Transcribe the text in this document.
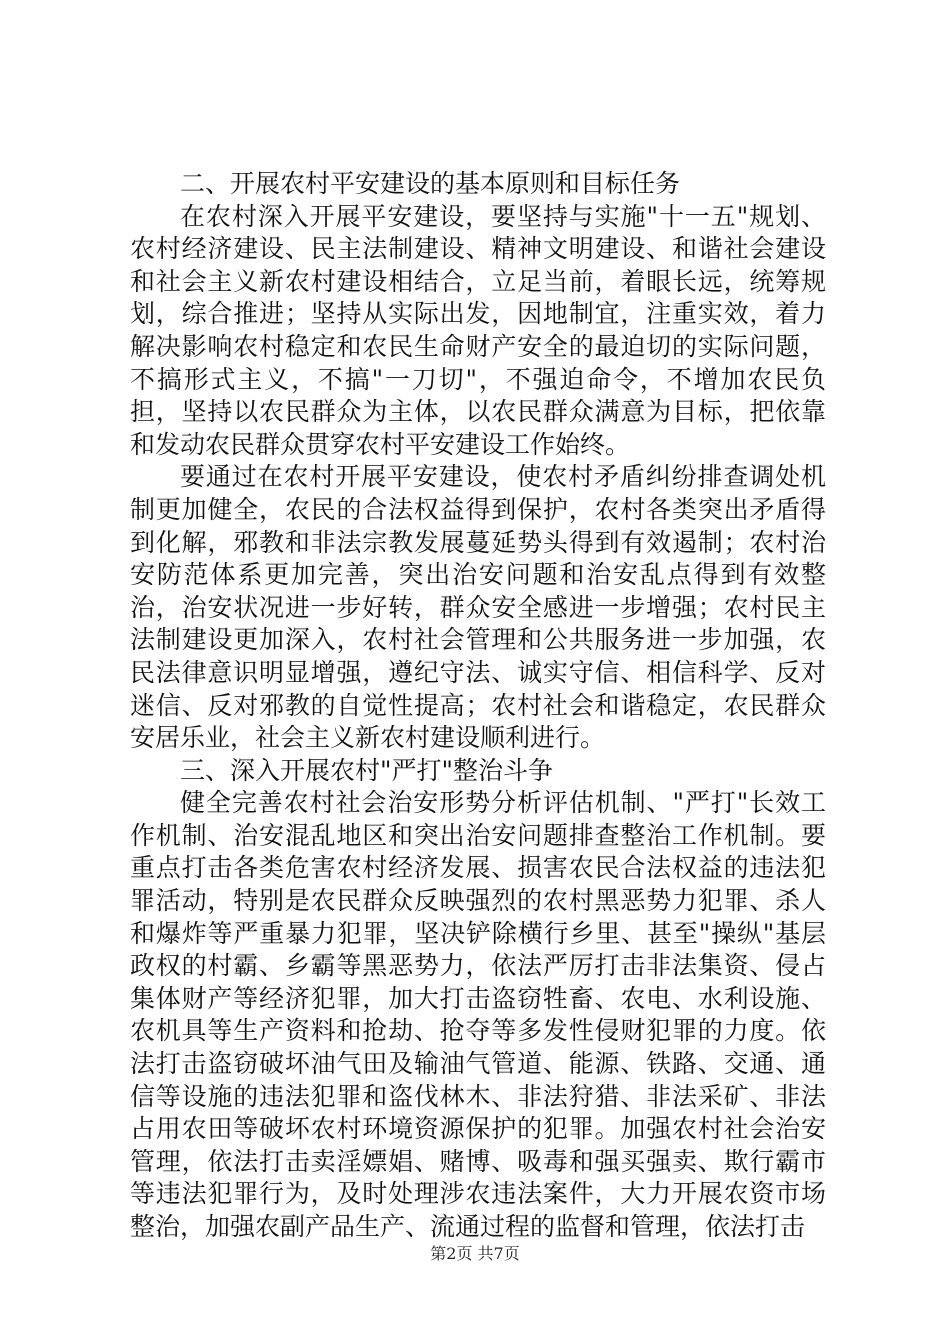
二、开展农村平安建设的基本原则和目标任务

在农村深入开展平安建设，要坚持与实施"十一五"规划、农村经济建设、民主法制建设、精神文明建设、和谐社会建设和社会主义新农村建设相结合，立足当前，着眼长远，统筹规划，综合推进；坚持从实际出发，因地制宜，注重实效，着力解决影响农村稳定和农民生命财产安全的最迫切的实际问题，不搞形式主义，不搞"一刀切"，不强迫命令，不增加农民负担，坚持以农民群众为主体，以农民群众满意为目标，把依靠和发动农民群众贯穿农村平安建设工作始终。

要通过在农村开展平安建设，使农村矛盾纠纷排查调处机制更加健全，农民的合法权益得到保护，农村各类突出矛盾得到化解，邪教和非法宗教发展蔓延势头得到有效遏制；农村治安防范体系更加完善，突出治安问题和治安乱点得到有效整治，治安状况进一步好转，群众安全感进一步增强；农村民主法制建设更加深入，农村社会管理和公共服务进一步加强，农民法律意识明显增强，遵纪守法、诚实守信、相信科学、反对迷信、反对邪教的自觉性提高；农村社会和谐稳定，农民群众安居乐业，社会主义新农村建设顺利进行。

三、深入开展农村"严打"整治斗争

健全完善农村社会治安形势分析评估机制、"严打"长效工作机制、治安混乱地区和突出治安问题排查整治工作机制。要重点打击各类危害农村经济发展、损害农民合法权益的违法犯罪活动，特别是农民群众反映强烈的农村黑恶势力犯罪、杀人和爆炸等严重暴力犯罪，坚决铲除横行乡里、甚至"操纵"基层政权的村霸、乡霸等黑恶势力，依法严厉打击非法集资、侵占集体财产等经济犯罪，加大打击盗窃牲畜、农电、水利设施、农机具等生产资料和抢劫、抢夺等多发性侵财犯罪的力度。依法打击盗窃破坏油气田及输油气管道、能源、铁路、交通、通信等设施的违法犯罪和盗伐林木、非法狩猎、非法采矿、非法占用农田等破坏农村环境资源保护的犯罪。加强农村社会治安管理，依法打击卖淫嫖娼、赌博、吸毒和强买强卖、欺行霸市等违法犯罪行为，及时处理涉农违法案件，大力开展农资市场整治，加强农副产品生产、流通过程的监督和管理，依法打击

第2页 共7页
